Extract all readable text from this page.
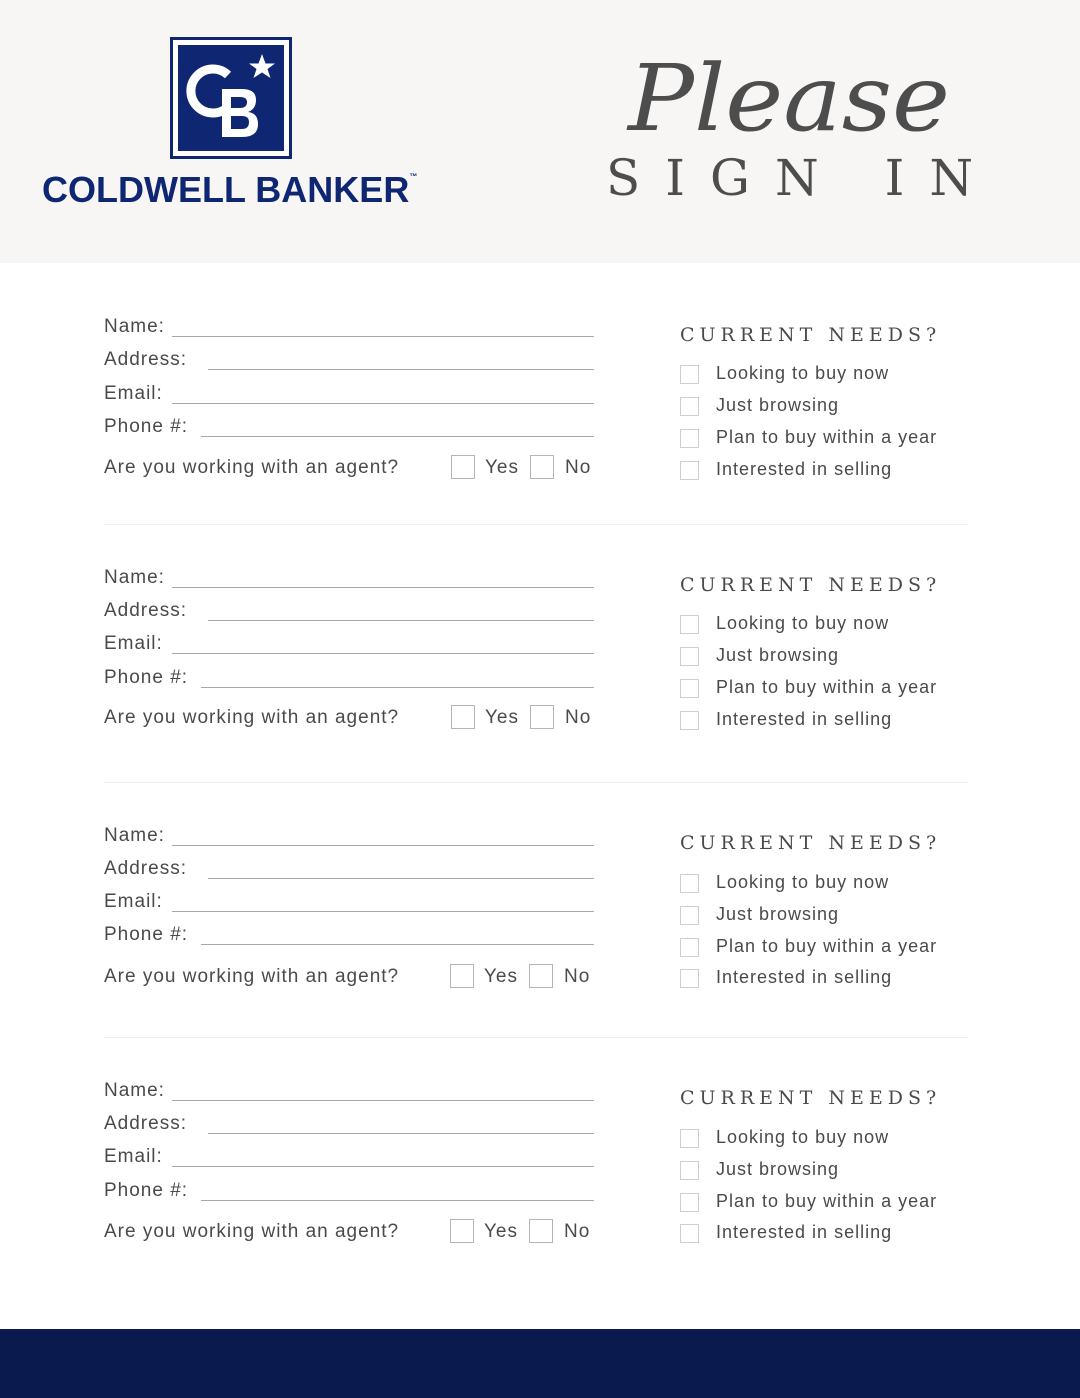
COLDWELL BANKER™
Please
SIGN IN
Name:
Address:
Email:
Phone #:
Are you working with an agent?	Yes No
CURRENT NEEDS?
Looking to buy now
Just browsing
Plan to buy within a year
Interested in selling
Name:
Address:
Email:
Phone #:
Are you working with an agent?	Yes No
CURRENT NEEDS?
Looking to buy now
Just browsing
Plan to buy within a year
Interested in selling
Name:
Address:
Email:
Phone #:
Are you working with an agent?	Yes No
CURRENT NEEDS?
Looking to buy now
Just browsing
Plan to buy within a year
Interested in selling
Name:
Address:
Email:
Phone #:
Are you working with an agent?	Yes No
CURRENT NEEDS?
Looking to buy now
Just browsing
Plan to buy within a year
Interested in selling
